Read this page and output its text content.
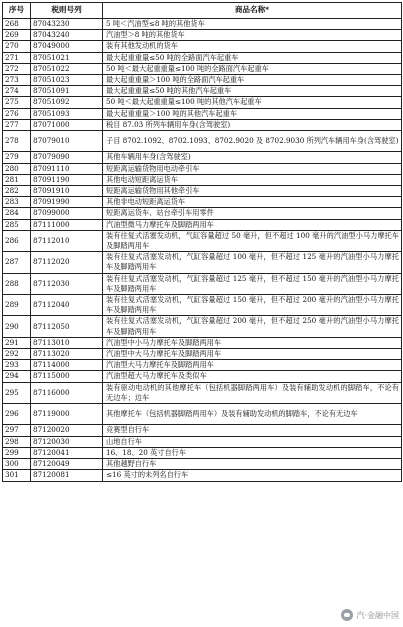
序号	税则号列	商品名称*
268	87043230	5 吨＜汽油型≤8 吨的其他货车
269	87043240	汽油型＞8 吨的其他货车
270	87049000	装有其他发动机的货车
271	87051021	最大起重重量≤50 吨的全路面汽车起重车
272	87051022	50 吨＜最大起重重量≤100 吨的全路面汽车起重车
273	87051023	最大起重重量＞100 吨的全路面汽车起重车
274	87051091	最大起重重量≤50 吨的其他汽车起重车
275	87051092	50 吨＜最大起重重量≤100 吨的其他汽车起重车
276	87051093	最大起重重量＞100 吨的其他汽车起重车
277	87071000	税目 87.03 所列车辆用车身(含驾驶室)
278	87079010	子目 8702.1092、8702.1093、8702.9020 及 8702.9030 所列汽车辆用车身(含驾驶室)
279	87079090	其他车辆用车身(含驾驶室)
280	87091110	短距离运输货物用电动牵引车
281	87091190	其他电动短距离运货车
282	87091910	短距离运输货物用其他牵引车
283	87091990	其他非电动短距离运货车
284	87099000	短距离运货车、站台牵引车用零件
285	87111000	汽油型微马力摩托车及脚踏两用车
286	87112010	装有往复式活塞发动机，气缸容量超过 50 毫升，但不超过 100 毫升的汽油型小马力摩托车及脚踏两用车
287	87112020	装有往复式活塞发动机，气缸容量超过 100 毫升，但不超过 125 毫升的汽油型小马力摩托车及脚踏两用车
288	87112030	装有往复式活塞发动机，气缸容量超过 125 毫升，但不超过 150 毫升的汽油型小马力摩托车及脚踏两用车
289	87112040	装有往复式活塞发动机，气缸容量超过 150 毫升，但不超过 200 毫升的汽油型小马力摩托车及脚踏两用车
290	87112050	装有往复式活塞发动机，气缸容量超过 200 毫升，但不超过 250 毫升的汽油型小马力摩托车及脚踏两用车
291	87113010	汽油型中小马力摩托车及脚踏两用车
292	87113020	汽油型中大马力摩托车及脚踏两用车
293	87114000	汽油型大马力摩托车及脚踏两用车
294	87115000	汽油型超大马力摩托车及类似车
295	87116000	装有驱动电动机的其他摩托车（包括机器脚踏两用车）及装有辅助发动机的脚踏车，不论有无边车；边车
296	87119000	其他摩托车（包括机器脚踏两用车）及装有辅助发动机的脚踏车，不论有无边车
297	87120020	竞赛型自行车
298	87120030	山地自行车
299	87120041	16、18、20 英寸自行车
300	87120049	其他越野自行车
301	87120081	≤16 英寸的未列名自行车
汽·金融中国
